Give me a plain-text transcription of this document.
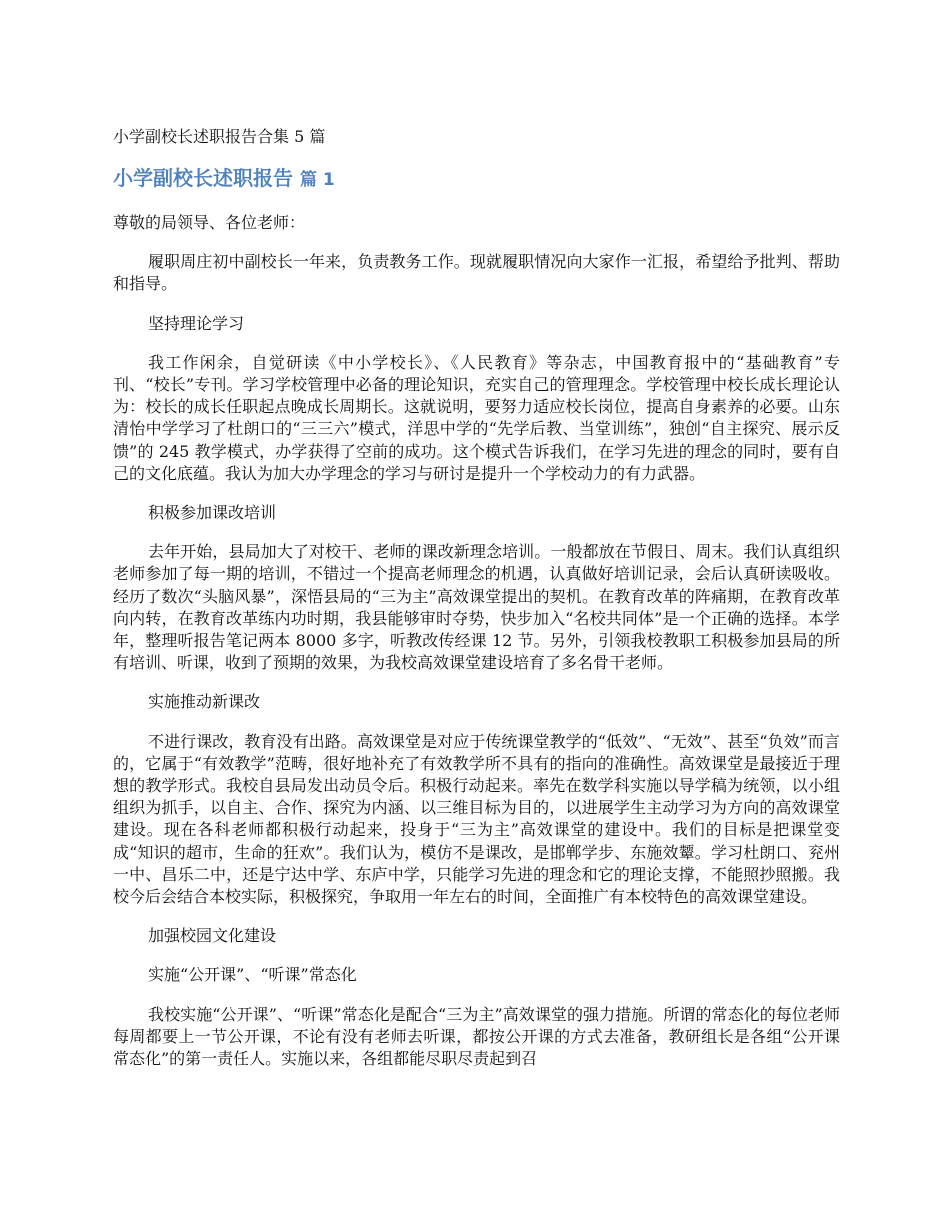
小学副校长述职报告合集 5 篇
小学副校长述职报告 篇 1

尊敬的局领导、各位老师：

履职周庄初中副校长一年来，负责教务工作。现就履职情况向大家作一汇报，希望给予批判、帮助和指导。

坚持理论学习

我工作闲余，自觉研读《中小学校长》、《人民教育》等杂志，中国教育报中的“基础教育”专刊、“校长”专刊。学习学校管理中必备的理论知识，充实自己的管理理念。学校管理中校长成长理论认为：校长的成长任职起点晚成长周期长。这就说明，要努力适应校长岗位，提高自身素养的必要。山东清怡中学学习了杜朗口的“三三六”模式，洋思中学的“先学后教、当堂训练”，独创“自主探究、展示反馈”的 245 教学模式，办学获得了空前的成功。这个模式告诉我们，在学习先进的理念的同时，要有自己的文化底蕴。我认为加大办学理念的学习与研讨是提升一个学校动力的有力武器。

积极参加课改培训

去年开始，县局加大了对校干、老师的课改新理念培训。一般都放在节假日、周末。我们认真组织老师参加了每一期的培训，不错过一个提高老师理念的机遇，认真做好培训记录，会后认真研读吸收。经历了数次“头脑风暴”，深悟县局的“三为主”高效课堂提出的契机。在教育改革的阵痛期，在教育改革向内转，在教育改革练内功时期，我县能够审时夺势，快步加入“名校共同体”是一个正确的选择。本学年，整理听报告笔记两本 8000 多字，听教改传经课 12 节。另外，引领我校教职工积极参加县局的所有培训、听课，收到了预期的效果，为我校高效课堂建设培育了多名骨干老师。

实施推动新课改

不进行课改，教育没有出路。高效课堂是对应于传统课堂教学的“低效”、“无效”、甚至“负效”而言的，它属于“有效教学”范畴，很好地补充了有效教学所不具有的指向的准确性。高效课堂是最接近于理想的教学形式。我校自县局发出动员令后。积极行动起来。率先在数学科实施以导学稿为统领，以小组组织为抓手，以自主、合作、探究为内涵、以三维目标为目的，以进展学生主动学习为方向的高效课堂建设。现在各科老师都积极行动起来，投身于“三为主”高效课堂的建设中。我们的目标是把课堂变成“知识的超市，生命的狂欢”。我们认为，模仿不是课改，是邯郸学步、东施效颦。学习杜朗口、兖州一中、昌乐二中，还是宁达中学、东庐中学，只能学习先进的理念和它的理论支撑，不能照抄照搬。我校今后会结合本校实际，积极探究，争取用一年左右的时间，全面推广有本校特色的高效课堂建设。

加强校园文化建设

实施“公开课”、“听课”常态化

我校实施“公开课”、“听课”常态化是配合“三为主”高效课堂的强力措施。所谓的常态化的每位老师每周都要上一节公开课，不论有没有老师去听课，都按公开课的方式去准备，教研组长是各组“公开课常态化”的第一责任人。实施以来，各组都能尽职尽责起到召
